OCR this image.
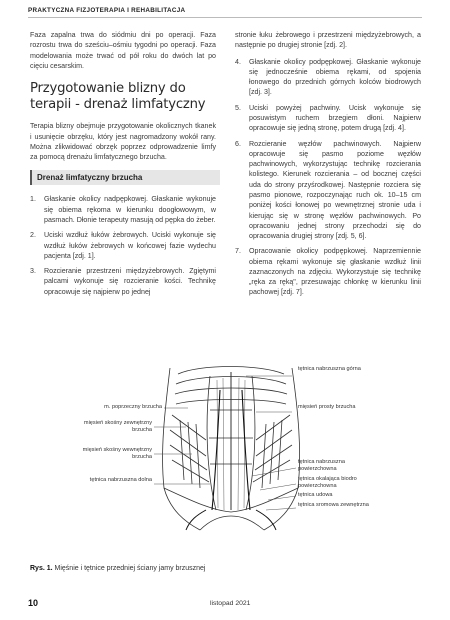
PRAKTYCZNA FIZJOTERAPIA I REHABILITACJA

Faza zapalna trwa do siódmiu dni po operacji. Faza rozrostu trwa do sześciu–ośmiu tygodni po operacji. Faza modelowania może trwać od pół roku do dwóch lat po cięciu cesarskim.

Przygotowanie blizny do terapii - drenaż limfatyczny

Terapia blizny obejmuje przygotowanie okolicznych tkanek i usunięcie obrzęku, który jest nagromadzony wokół rany. Można zlikwidować obrzęk poprzez odprowadzenie limfy za pomocą drenażu limfatycznego brzucha.

Drenaż limfatyczny brzucha
1. Głaskanie okolicy nadpępkowej. Głaskanie wykonuje się obiema rękoma w kierunku doogłowowym, w pasmach. Dłonie terapeuty masują od pępka do żeber.
2. Uciski wzdłuż łuków żebrowych. Uciski wykonuje się wzdłuż łuków żebrowych w końcowej fazie wydechu pacjenta [zdj. 1].
3. Rozcieranie przestrzeni międzyżebrowych. Zgiętymi palcami wykonuje się rozcieranie kości. Technikę opracowuje się najpierw po jednej

stronie łuku żebrowego i przestrzeni międzyżebrowych, a następnie po drugiej stronie [zdj. 2].

4. Głaskanie okolicy podpępkowej. Głaskanie wykonuje się jednocześnie obiema rękami, od spojenia łonowego do przednich górnych kolców biodrowych [zdj. 3].
5. Uciski powyżej pachwiny. Ucisk wykonuje się posuwistym ruchem brzegiem dłoni. Najpierw opracowuje się jedną stronę, potem drugą [zdj. 4].
6. Rozcieranie węzłów pachwinowych. Najpierw opracowuje się pasmo poziome węzłów pachwinowych, wykorzystując technikę rozcierania kolistego. Kierunek rozcierania – od bocznej części uda do strony przyśrodkowej. Następnie rozciera się pasmo pionowe, rozpoczynając ruch ok. 10–15 cm poniżej kości łonowej po wewnętrznej stronie uda i kierując się w stronę węzłów pachwinowych. Po opracowaniu jednej strony przechodzi się do opracowania drugiej strony [zdj. 5, 6].
7. Opracowanie okolicy podpępkowej. Naprzemiennie obiema rękami wykonuje się głaskanie wzdłuż linii zaznaczonych na zdjęciu. Wykorzystuje się technikę „ręka za ręką", przesuwając chłonkę w kierunku linii pachowej [zdj. 7].
tętnica nabrzuszna górna
mięsień prosty brzucha
tętnica nabrzuszna powierzchowna
tętnica okalająca biodro powierzchowna
tętnica udowa
tętnica sromowa zewnętrzna
m. poprzeczny brzucha
mięsień skośny zewnętrzny brzucha
mięsień skośny wewnętrzny brzucha
tętnica nabrzuszna dolna
Rys. 1. Mięśnie i tętnice przedniej ściany jamy brzusznej
10	listopad 2021
